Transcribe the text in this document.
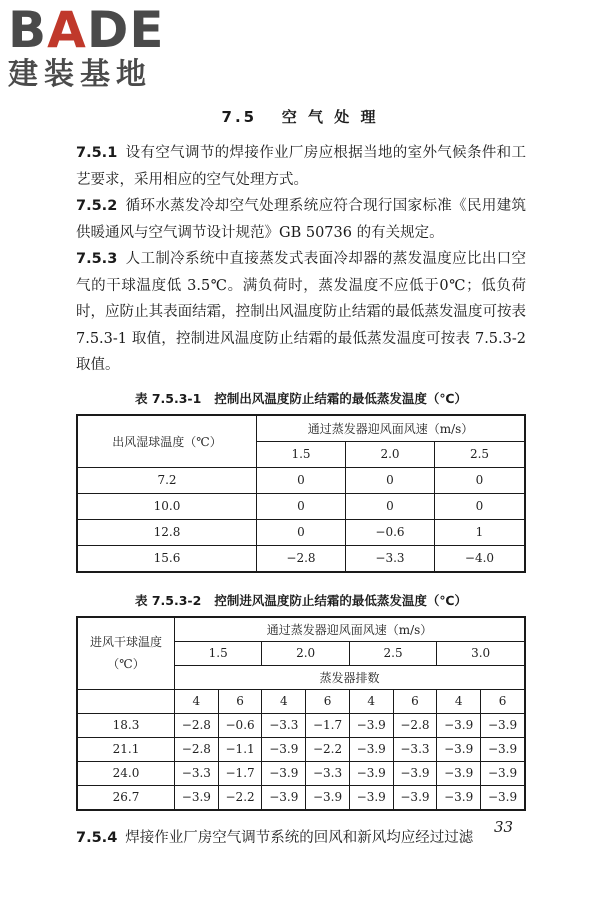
BADE
建装基地
7.5 空 气 处 理

7.5.1 设有空气调节的焊接作业厂房应根据当地的室外气候条件和工艺要求，采用相应的空气处理方式。

7.5.2 循环水蒸发冷却空气处理系统应符合现行国家标准《民用建筑供暖通风与空气调节设计规范》GB 50736 的有关规定。

7.5.3 人工制冷系统中直接蒸发式表面冷却器的蒸发温度应比出口空气的干球温度低 3.5℃。满负荷时，蒸发温度不应低于0℃；低负荷时，应防止其表面结霜，控制出风温度防止结霜的最低蒸发温度可按表 7.5.3-1 取值，控制进风温度防止结霜的最低蒸发温度可按表 7.5.3-2 取值。

表 7.5.3-1 控制出风温度防止结霜的最低蒸发温度（℃）

出风湿球温度（℃）	通过蒸发器迎风面风速（m/s）		
	1.5	2.0	2.5
7.2	0	0	0
10.0	0	0	0
12.8	0	−0.6	1
15.6	−2.8	−3.3	−4.0

表 7.5.3-2 控制进风温度防止结霜的最低蒸发温度（℃）

进风干球温度
（℃）	通过蒸发器迎风面风速（m/s）							
	1.5		2.0		2.5		3.0	
	蒸发器排数							
	4	6	4	6	4	6	4	6
18.3	−2.8	−0.6	−3.3	−1.7	−3.9	−2.8	−3.9	−3.9
21.1	−2.8	−1.1	−3.9	−2.2	−3.9	−3.3	−3.9	−3.9
24.0	−3.3	−1.7	−3.9	−3.3	−3.9	−3.9	−3.9	−3.9
26.7	−3.9	−2.2	−3.9	−3.9	−3.9	−3.9	−3.9	−3.9

7.5.4 焊接作业厂房空气调节系统的回风和新风均应经过过滤

33
